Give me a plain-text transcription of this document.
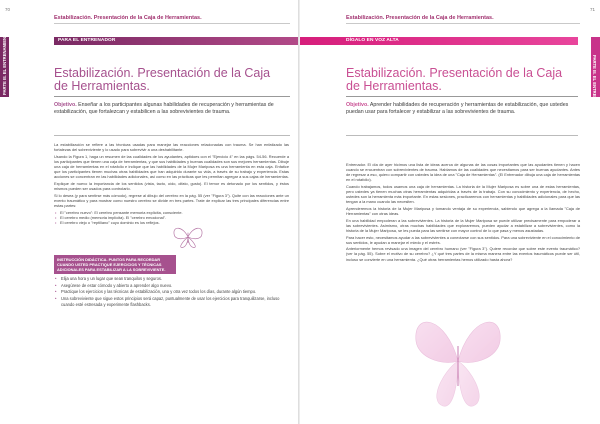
70
Estabilización. Presentación de la Caja de Herramientas.
PARA EL ENTRENADOR
PARTE III. EL ENTRENAMIENTO	Estabilización. Presentación de la Caja de Herramientas.

Objetivo. Enseñar a los participantes algunas habilidades de recuperación y herramientas de estabilización, que fortalezcan y estabilicen a las sobrevivientes de trauma.

La estabilización se refiere a las técnicas usadas para manejar las reacciones relacionadas con trauma. Se han enfatizado las fortalezas del sobreviviente y lo usado para sobrevivir a una deshabilitante.

Usando la Figura 1, haga un resumen de las cualidades de los ayudantes, aptidoes con el "Ejercicio 4" en las págs. 54-56. Recuerde a los participantes que tienen una caja de herramientas, y que sus habilidades y buenas cualidades son sus mejores herramientas. Dibuje una caja de herramientas en el rotafolio e indique que las habilidades de la Mujer Mariposa es una herramienta en esta caja. Enfatice que los participantes tienen muchas otras habilidades que han adquirido durante su vida, a través de su trabajo y experiencia. Estas acciones se concentran en las habilidades adicionales, así como en las prácticas que les permitan agregar a sus cajas de herramientas.

Explique de nuevo la importancia de los sentidos (vista, tacto, oído, olfato, gusto). El temor es detonado por los sentidos, y éstos mismos pueden ser usados para controlarlo.

Si lo desea (y para sentirse más cómodo), regrese al dibujo del cerebro en la pág. 55 (ver "Figura 3"). Quite con las reacciones ante un evento traumático y para mostrar como nuestro cerebro se divide en tres partes. Trate de explicar las tres principales diferencias entre estas partes:

• El "cerebro nuevo": El cerebro pensante memoria explícita, consciente.
• El cerebro medio (memoria implícita). El "cerebro emocional".
• El cerebro viejo o "reptiliano" cuyo dominio es los reflejos.
INSTRUCCIÓN DIDÁCTICA. PUNTOS PARA RECORDAR CUANDO USTED PRACTIQUE EJERCICIOS Y TÉCNICAS ADICIONALES PARA ESTABILIZAR A LA SOBREVIVIENTE.
• Elija una hora y un lugar que sean tranquilos y seguros.
• Asegúrese de estar cómodo y abierto a aprender algo nuevo.
• Practique los ejercicios y las técnicas de estabilización, una y otra vez todos los días, durante algún tiempo.
• Una sobreviviente que sigue estos principios será capaz, puntualmente de usar los ejercicios para tranquilizarse, incluso cuando esté estresada y experimente flashbacks.
71
Estabilización. Presentación de la Caja de Herramientas.
DÍGALO EN VOZ ALTA
PARTE III. EL ENTRENAMIENTO
Estabilización. Presentación de la Caja de Herramientas.

Objetivo. Aprender habilidades de recuperación y herramientas de estabilización, que ustedes puedan usar para fortalecer y estabilizar a las sobrevivientes de trauma.

Entrenador. El día de ayer hicimos una lista de ideas acerca de algunas de las cosas importantes que las ayudantes tienen y hacen cuando se encuentran con sobrevivientes de trauma. Hablamos de las cualidades que necesitamos para ser buenas ayudantes. Antes de regresar a eso, quiero compartir con ustedes la idea de una "Caja de Herramientas". (El Entrenador dibuja una caja de herramientas en el rotafolio).

Cuando trabajamos, todos usamos una caja de herramientas. La historia de la Mujer Mariposa es sobre una de estas herramientas, pero ustedes ya tienen muchas otras herramientas adquiridas a través de la trabajo. Con su conocimiento y experiencia, de hecho, ustedes son la herramienta más importante. En estas sesiones, practicaremos con herramientas y habilidades adicionales para que las tengan a la mano cuando las necesiten.

Aprenderemos la historia de la Mujer Mariposa y tomando ventaja de su experiencia, sabiendo que agrega a la llamada "Caja de Herramientas" con otras ideas.

En una habilidad empoderan a las sobrevivientes. La historia de la Mujer Mariposa se puede utilizar precisamente para empoderar a las sobrevivientes. Asimismo, otras muchas habilidades que exploraremos, pueden ayudar a estabilizar a sobrevivientes, como la historia de la Mujer Mariposa, se les pueda para las sentirse con mayor control de lo que pasa y menos asustadas.

Para hacer esto, necesitamos ayudar a las sobrevivientes a conectarse con sus sentidos. Para una sobreviviente en el conocimiento de sus sentidos, le ayudan a manejar el miedo y el estrés.

Anteriormente hemos revisado una imagen del cerebro humano (ver "Figura 3"). Quiere recordar que sobre este evento traumático? (ver la pág. 55). Sobre el motivo de su cerebro? ¿Y qué tres partes de la misma manera entre las eventos traumáticos puede ser útil, incluso se convierte en una herramienta. ¿Qué otras herramientas hemos utilizado hasta ahora?
